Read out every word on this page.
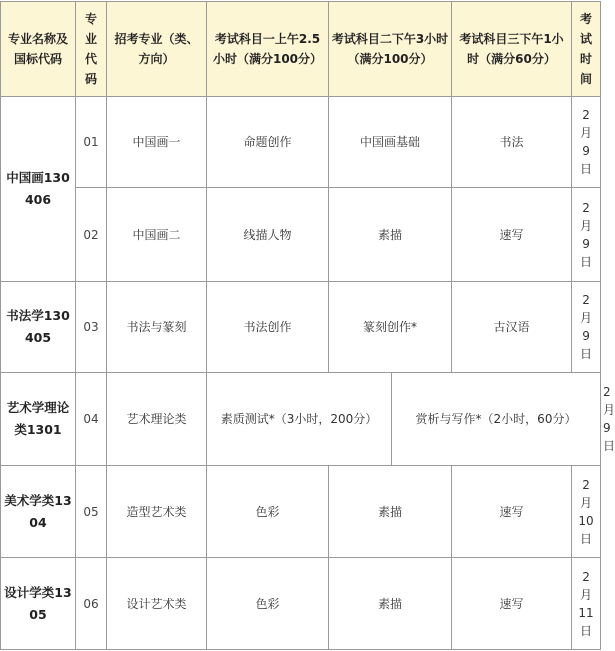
专业名称及国标代码	专
业
代
码	招考专业（类、方向）	考试科目一上午2.5小时（满分100分）	考试科目二下午3小时 （满分100分）		考试科目三下午1小时（满分60分）	考
试
时
间	

中国画130406	01	中国画一	命题创作	中国画基础		书法	2
月
9
日	

	02	中国画二	线描人物	素描		速写	2
月
9
日	

书法学130405	03	书法与篆刻	书法创作	篆刻创作*		古汉语	2
月
9
日	

艺术学理论类1301	04	艺术理论类	素质测试*（3小时，200分）		赏析与写作*（2小时，60分）			2
月
9
日

美术学类1304	05	造型艺术类	色彩	素描		速写	2
月
10
日	

设计学类1305	06	设计艺术类	色彩	素描		速写	2
月
11
日	
